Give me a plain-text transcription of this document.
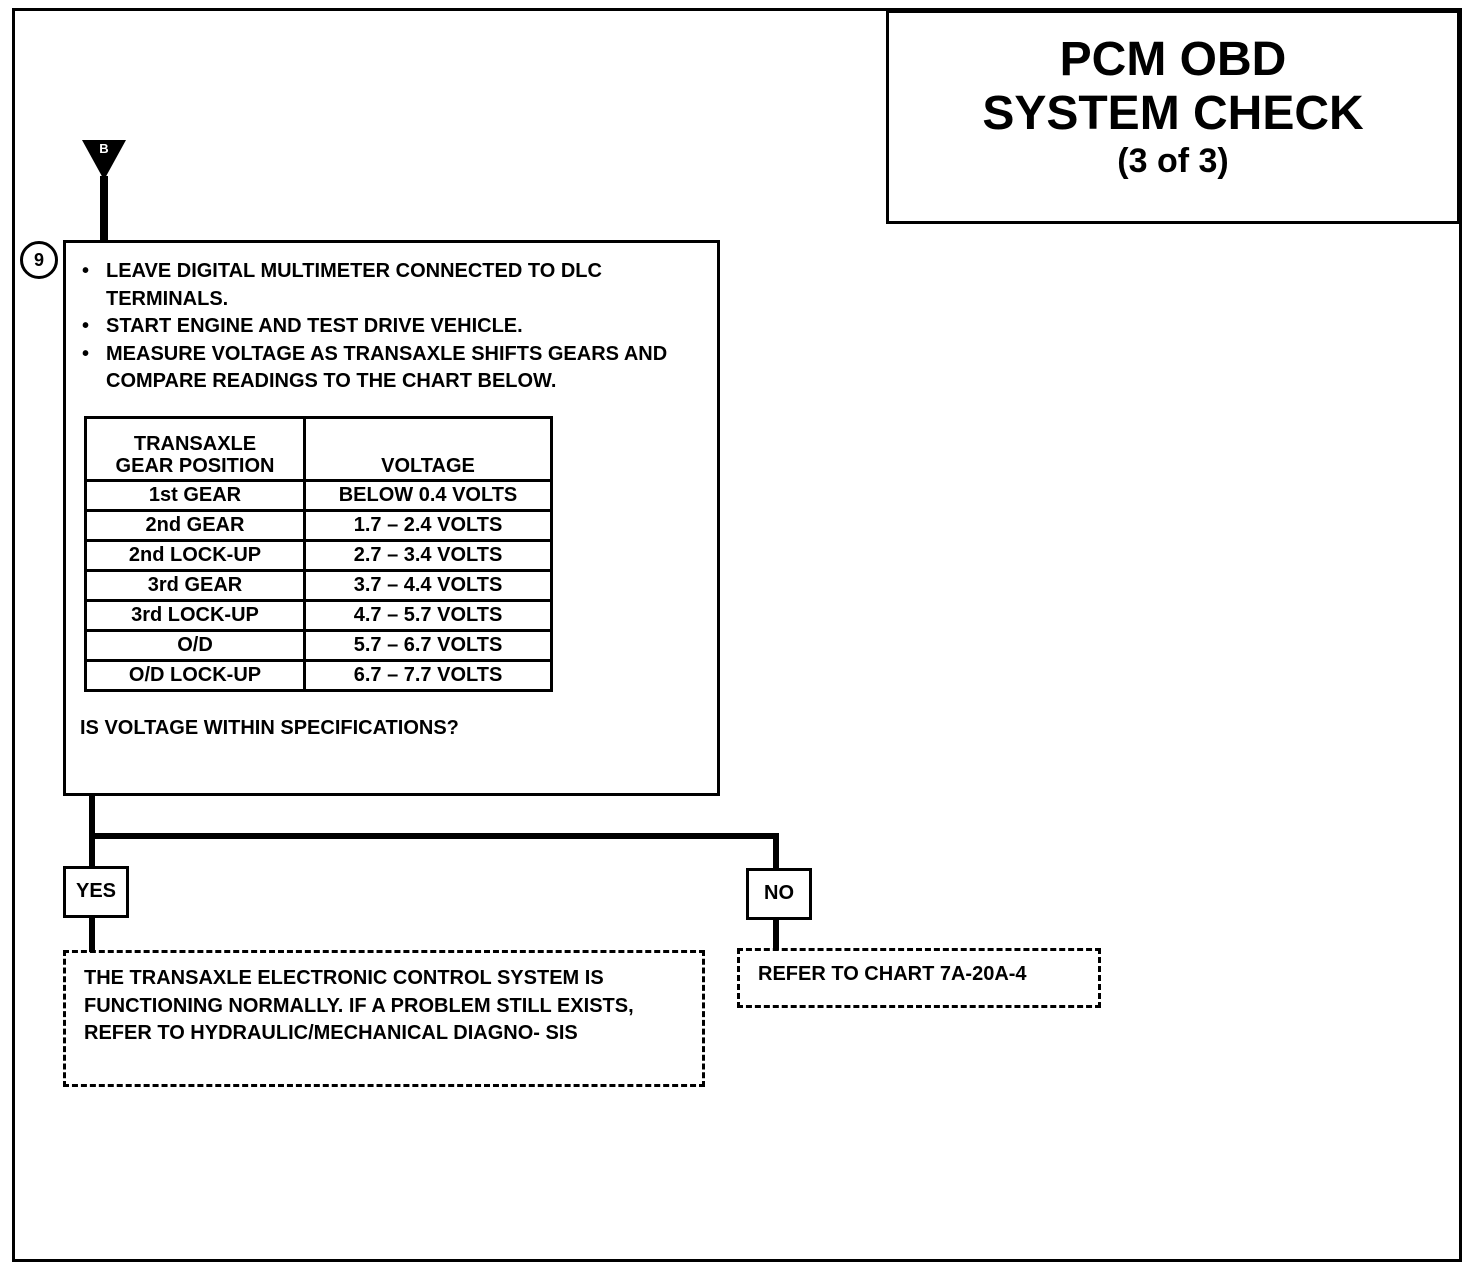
PCM OBD
SYSTEM CHECK
(3 of 3)
B
9	• LEAVE DIGITAL MULTIMETER CONNECTED TO DLC TERMINALS.
• START ENGINE AND TEST DRIVE VEHICLE.
• MEASURE VOLTAGE AS TRANSAXLE SHIFTS GEARS AND COMPARE READINGS TO THE CHART BELOW.
TRANSAXLE
GEAR POSITION	VOLTAGE
1st GEAR	BELOW 0.4 VOLTS
2nd GEAR	1.7 – 2.4 VOLTS
2nd LOCK-UP	2.7 – 3.4 VOLTS
3rd GEAR	3.7 – 4.4 VOLTS
3rd LOCK-UP	4.7 – 5.7 VOLTS
O/D	5.7 – 6.7 VOLTS
O/D LOCK-UP	6.7 – 7.7 VOLTS
IS VOLTAGE WITHIN SPECIFICATIONS?
YES	NO
THE TRANSAXLE ELECTRONIC CONTROL SYSTEM IS FUNCTIONING NORMALLY. IF A PROBLEM STILL EXISTS, REFER TO HYDRAULIC/MECHANICAL DIAGNO- SIS
REFER TO CHART 7A-20A-4
